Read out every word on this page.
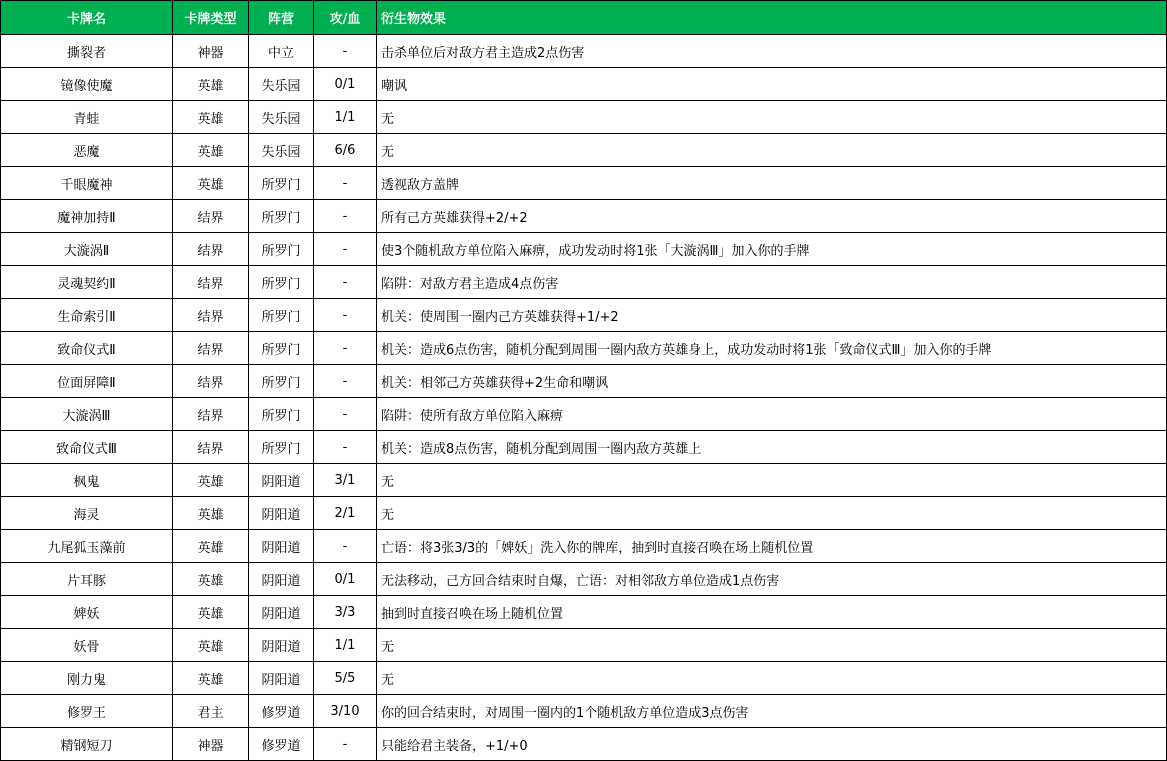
卡牌名	卡牌类型	阵营	攻/血	衍生物效果
撕裂者	神器	中立	-	击杀单位后对敌方君主造成2点伤害
镜像使魔	英雄	失乐园	0/1	嘲讽
青蛙	英雄	失乐园	1/1	无
恶魔	英雄	失乐园	6/6	无
千眼魔神	英雄	所罗门	-	透视敌方盖牌
魔神加持Ⅱ	结界	所罗门	-	所有己方英雄获得+2/+2
大漩涡Ⅱ	结界	所罗门	-	使3个随机敌方单位陷入麻痹，成功发动时将1张「大漩涡Ⅲ」加入你的手牌
灵魂契约Ⅱ	结界	所罗门	-	陷阱：对敌方君主造成4点伤害
生命索引Ⅱ	结界	所罗门	-	机关：使周围一圈内己方英雄获得+1/+2
致命仪式Ⅱ	结界	所罗门	-	机关：造成6点伤害，随机分配到周围一圈内敌方英雄身上，成功发动时将1张「致命仪式Ⅲ」加入你的手牌
位面屏障Ⅱ	结界	所罗门	-	机关：相邻己方英雄获得+2生命和嘲讽
大漩涡Ⅲ	结界	所罗门	-	陷阱：使所有敌方单位陷入麻痹
致命仪式Ⅲ	结界	所罗门	-	机关：造成8点伤害，随机分配到周围一圈内敌方英雄上
枫鬼	英雄	阴阳道	3/1	无
海灵	英雄	阴阳道	2/1	无
九尾狐玉藻前	英雄	阴阳道	-	亡语：将3张3/3的「婢妖」洗入你的牌库，抽到时直接召唤在场上随机位置
片耳豚	英雄	阴阳道	0/1	无法移动，己方回合结束时自爆，亡语：对相邻敌方单位造成1点伤害
婢妖	英雄	阴阳道	3/3	抽到时直接召唤在场上随机位置
妖骨	英雄	阴阳道	1/1	无
刚力鬼	英雄	阴阳道	5/5	无
修罗王	君主	修罗道	3/10	你的回合结束时，对周围一圈内的1个随机敌方单位造成3点伤害
精钢短刀	神器	修罗道	-	只能给君主装备，+1/+0
